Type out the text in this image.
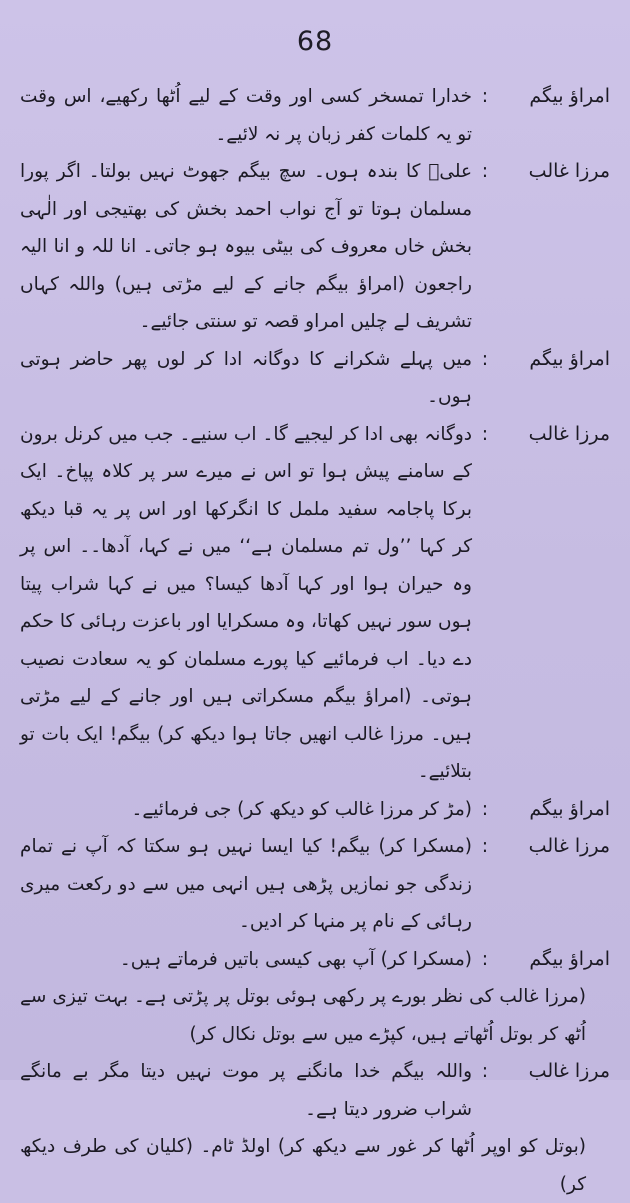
68
امراؤ بیگم
:
خدارا تمسخر کسی اور وقت کے لیے اُٹھا رکھیے، اس وقت تو یہ کلمات کفر زبان پر نہ لائیے۔
مرزا غالب
:
علیؑ کا بندہ ہوں۔ سچ بیگم جھوٹ نہیں بولتا۔ اگر پورا مسلمان ہوتا تو آج نواب احمد بخش کی بھتیجی اور الٰہی بخش خاں معروف کی بیٹی بیوہ ہو جاتی۔ انا للہ و انا الیہ راجعون (امراؤ بیگم جانے کے لیے مڑتی ہیں) واللہ کہاں تشریف لے چلیں امراو قصہ تو سنتی جائیے۔
امراؤ بیگم
:
میں پہلے شکرانے کا دوگانہ ادا کر لوں پھر حاضر ہوتی ہوں۔
مرزا غالب
:
دوگانہ بھی ادا کر لیجیے گا۔ اب سنیے۔ جب میں کرنل برون کے سامنے پیش ہوا تو اس نے میرے سر پر کلاہ پپاخ۔ ایک برکا پاجامہ سفید ململ کا انگرکھا اور اس پر یہ قبا دیکھ کر کہا ’’ول تم مسلمان ہے‘‘ میں نے کہا، آدھا۔۔ اس پر وہ حیران ہوا اور کہا آدھا کیسا؟ میں نے کہا شراب پیتا ہوں سور نہیں کھاتا، وہ مسکرایا اور باعزت رہائی کا حکم دے دیا۔ اب فرمائیے کیا پورے مسلمان کو یہ سعادت نصیب ہوتی۔ (امراؤ بیگم مسکراتی ہیں اور جانے کے لیے مڑتی ہیں۔ مرزا غالب انھیں جاتا ہوا دیکھ کر) بیگم! ایک بات تو بتلائیے۔
امراؤ بیگم
:
(مڑ کر مرزا غالب کو دیکھ کر) جی فرمائیے۔
مرزا غالب
:
(مسکرا کر) بیگم! کیا ایسا نہیں ہو سکتا کہ آپ نے تمام زندگی جو نمازیں پڑھی ہیں انہی میں سے دو رکعت میری رہائی کے نام پر منہا کر ادیں۔
امراؤ بیگم
:
(مسکرا کر) آپ بھی کیسی باتیں فرماتے ہیں۔
(مرزا غالب کی نظر بورے پر رکھی ہوئی بوتل پر پڑتی ہے۔ بہت تیزی سے اُٹھ کر بوتل اُٹھاتے ہیں، کپڑے میں سے بوتل نکال کر)
مرزا غالب
:
واللہ بیگم خدا مانگنے پر موت نہیں دیتا مگر بے مانگے شراب ضرور دیتا ہے۔
(بوتل کو اوپر اُٹھا کر غور سے دیکھ کر) اولڈ ٹام۔ (کلیان کی طرف دیکھ کر)
